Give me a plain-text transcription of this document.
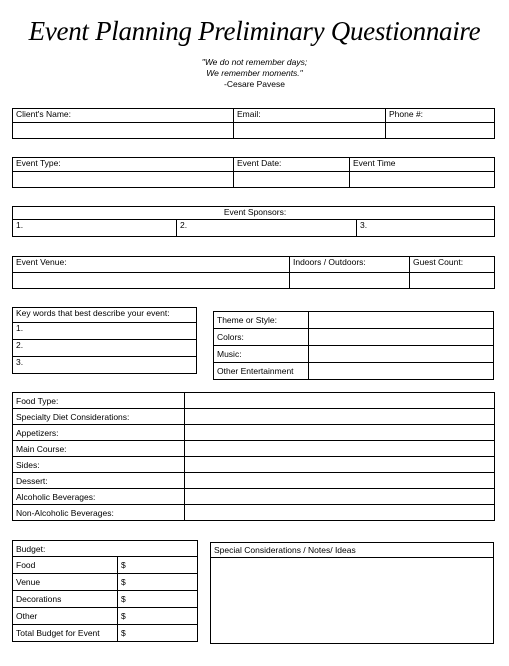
Event Planning Preliminary Questionnaire
"We do not remember days;
We remember moments."
-Cesare Pavese
Client's Name:	Email:	Phone #:

Event Type:	Event Date:	Event Time

Event Sponsors:
1.	2.	3.
Event Venue:	Indoors / Outdoors:	Guest Count:

Key words that best describe your event:
1.
2.
3.
Theme or Style:	
Colors:	
Music:	
Other Entertainment	
Food Type:	
Specialty Diet Considerations:	
Appetizers:	
Main Course:	
Sides:	
Dessert:	
Alcoholic Beverages:	
Non-Alcoholic Beverages:	
Budget:	
Food	$
Venue	$
Decorations	$
Other	$
Total Budget for Event	$
Special Considerations / Notes/ Ideas
